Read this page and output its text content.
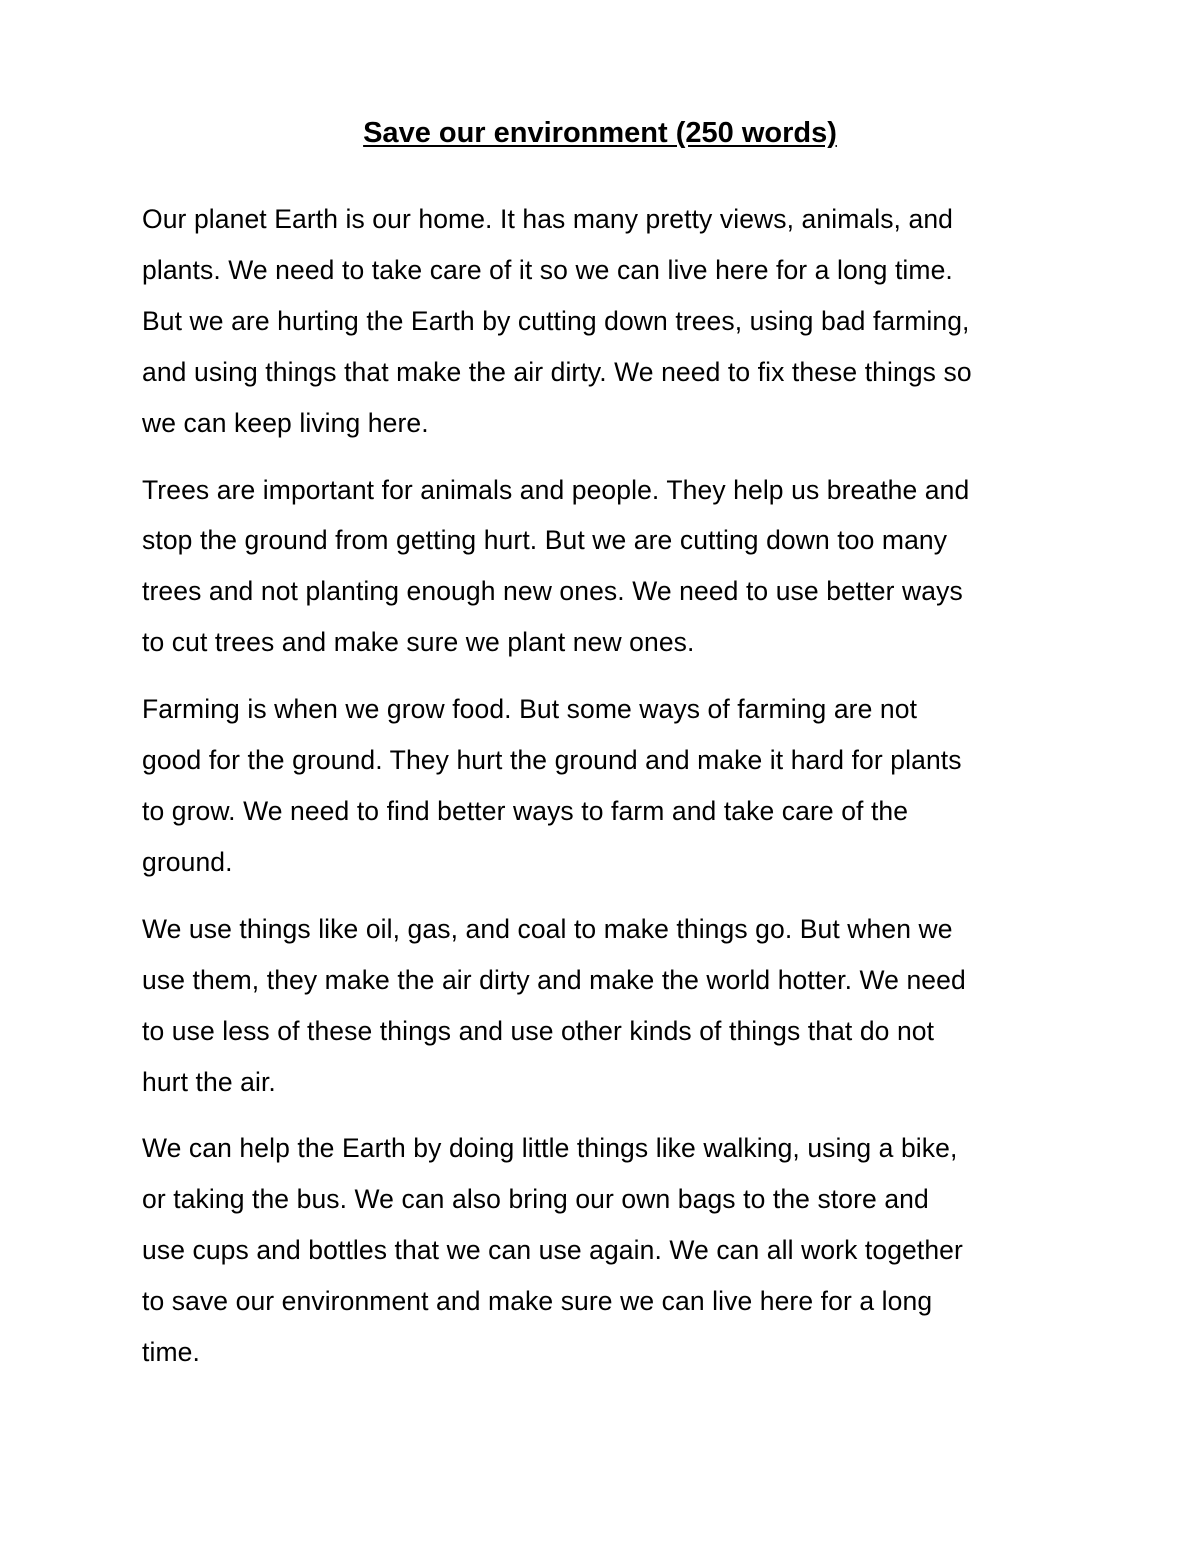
Save our environment (250 words)

Our planet Earth is our home. It has many pretty views, animals, and
plants. We need to take care of it so we can live here for a long time.
But we are hurting the Earth by cutting down trees, using bad farming,
and using things that make the air dirty. We need to fix these things so
we can keep living here.

Trees are important for animals and people. They help us breathe and
stop the ground from getting hurt. But we are cutting down too many
trees and not planting enough new ones. We need to use better ways
to cut trees and make sure we plant new ones.

Farming is when we grow food. But some ways of farming are not
good for the ground. They hurt the ground and make it hard for plants
to grow. We need to find better ways to farm and take care of the
ground.

We use things like oil, gas, and coal to make things go. But when we
use them, they make the air dirty and make the world hotter. We need
to use less of these things and use other kinds of things that do not
hurt the air.

We can help the Earth by doing little things like walking, using a bike,
or taking the bus. We can also bring our own bags to the store and
use cups and bottles that we can use again. We can all work together
to save our environment and make sure we can live here for a long
time.
